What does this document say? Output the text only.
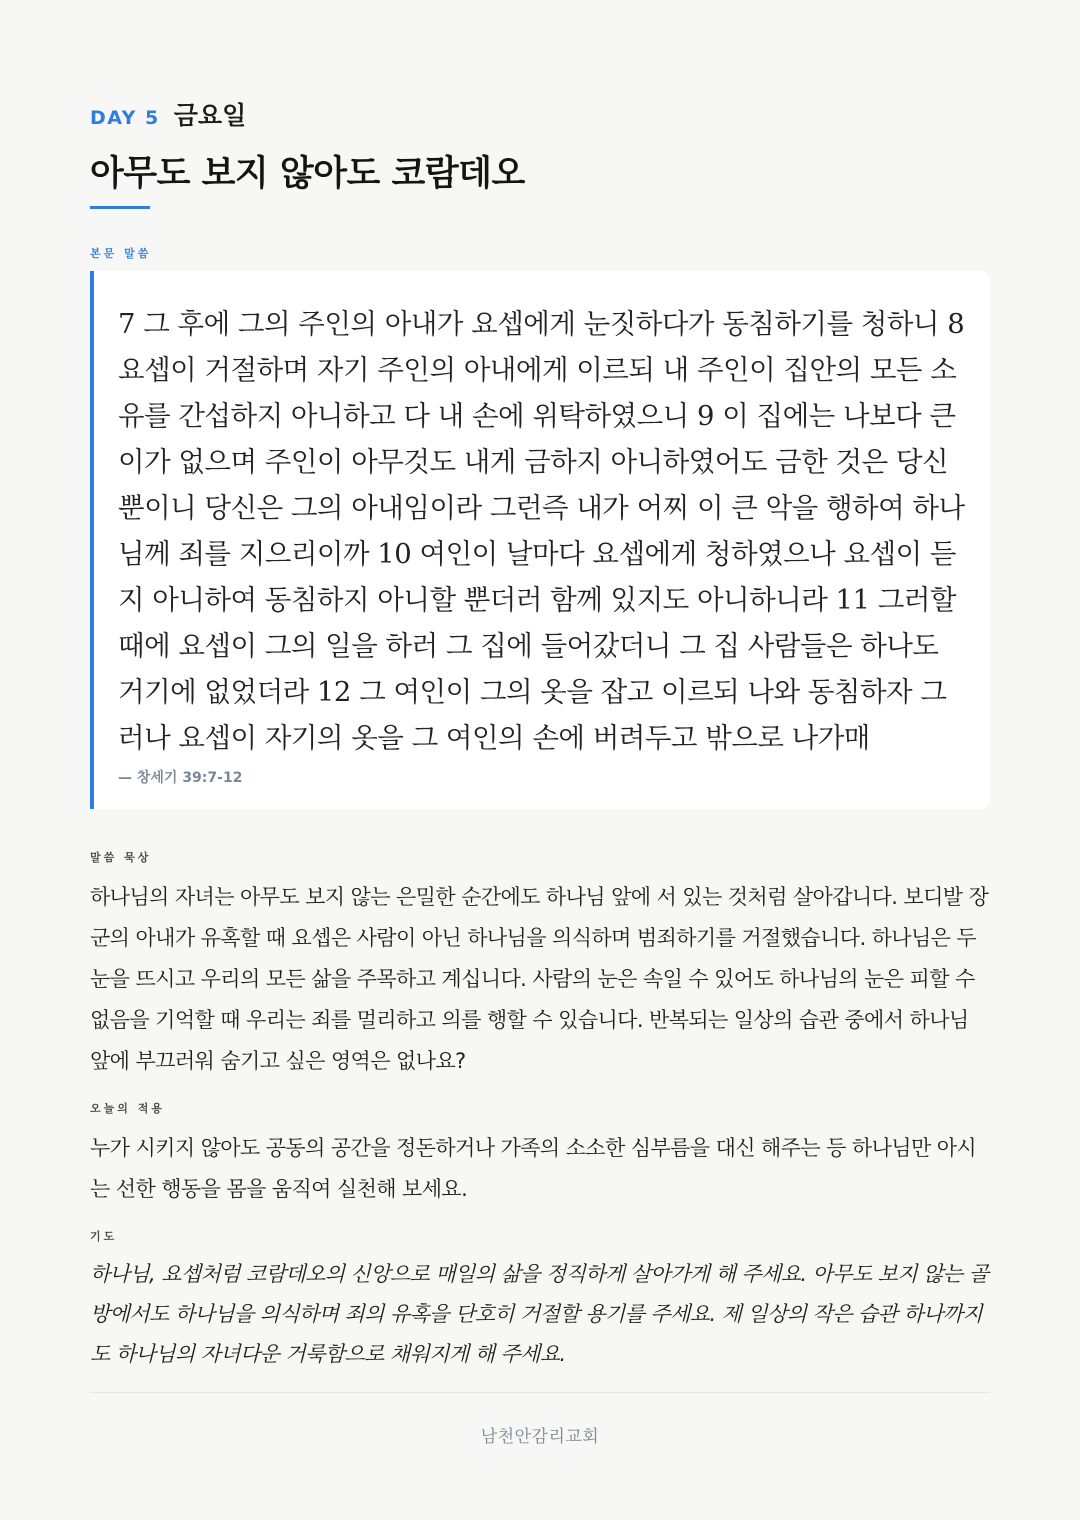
DAY 5 금요일
아무도 보지 않아도 코람데오
본문 말씀
7 그 후에 그의 주인의 아내가 요셉에게 눈짓하다가 동침하기를 청하니 8 요셉이 거절하며 자기 주인의 아내에게 이르되 내 주인이 집안의 모든 소유를 간섭하지 아니하고 다 내 손에 위탁하였으니 9 이 집에는 나보다 큰 이가 없으며 주인이 아무것도 내게 금하지 아니하였어도 금한 것은 당신뿐이니 당신은 그의 아내임이라 그런즉 내가 어찌 이 큰 악을 행하여 하나님께 죄를 지으리이까 10 여인이 날마다 요셉에게 청하였으나 요셉이 듣지 아니하여 동침하지 아니할 뿐더러 함께 있지도 아니하니라 11 그러할 때에 요셉이 그의 일을 하러 그 집에 들어갔더니 그 집 사람들은 하나도 거기에 없었더라 12 그 여인이 그의 옷을 잡고 이르되 나와 동침하자 그러나 요셉이 자기의 옷을 그 여인의 손에 버려두고 밖으로 나가매
— 창세기 39:7-12
말씀 묵상
하나님의 자녀는 아무도 보지 않는 은밀한 순간에도 하나님 앞에 서 있는 것처럼 살아갑니다. 보디발 장군의 아내가 유혹할 때 요셉은 사람이 아닌 하나님을 의식하며 범죄하기를 거절했습니다. 하나님은 두 눈을 뜨시고 우리의 모든 삶을 주목하고 계십니다. 사람의 눈은 속일 수 있어도 하나님의 눈은 피할 수 없음을 기억할 때 우리는 죄를 멀리하고 의를 행할 수 있습니다. 반복되는 일상의 습관 중에서 하나님 앞에 부끄러워 숨기고 싶은 영역은 없나요?
오늘의 적용
누가 시키지 않아도 공동의 공간을 정돈하거나 가족의 소소한 심부름을 대신 해주는 등 하나님만 아시는 선한 행동을 몸을 움직여 실천해 보세요.
기도
하나님, 요셉처럼 코람데오의 신앙으로 매일의 삶을 정직하게 살아가게 해 주세요. 아무도 보지 않는 골방에서도 하나님을 의식하며 죄의 유혹을 단호히 거절할 용기를 주세요. 제 일상의 작은 습관 하나까지도 하나님의 자녀다운 거룩함으로 채워지게 해 주세요.
남천안감리교회
